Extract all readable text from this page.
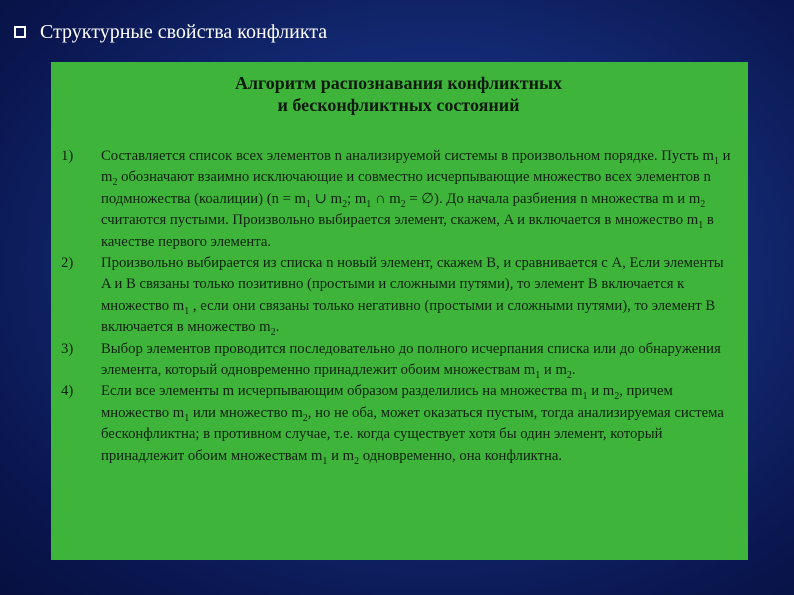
Структурные свойства конфликта
Алгоритм распознавания конфликтных
и бесконфликтных состояний
1)	Составляется список всех элементов n анализируемой системы в произвольном порядке. Пусть $m_1$ и $m_2$ обозначают взаимно исключающие и совместно исчерпывающие множество всех элементов n подмножества (коалиции) ($n = m_1$ ∪ $m_2$; $m_1$ ∩ $m_2$ = ∅). До начала разбиения n множества m и $m_2$ считаются пустыми. Произвольно выбирается элемент, скажем, A и включается в множество $m_1$ в качестве первого элемента.
2)	Произвольно выбирается из списка n новый элемент, скажем B, и сравнивается с A, Если элементы A и B связаны только позитивно (простыми и сложными путями), то элемент B включается к множество $m_1$ , если они связаны только негативно (простыми и сложными путями), то элемент B включается в множество $m_2$.
3)	Выбор элементов проводится последовательно до полного исчерпания списка или до обнаружения элемента, который одновременно принадлежит обоим множествам $m_1$ и $m_2$.
4)	Если все элементы m исчерпывающим образом разделились на множества $m_1$ и $m_2$, причем множество $m_1$ или множество $m_2$, но не оба, может оказаться пустым, тогда анализируемая система бесконфликтна; в противном случае, т.е. когда существует хотя бы один элемент, который принадлежит обоим множествам $m_1$ и $m_2$ одновременно, она конфликтна.
